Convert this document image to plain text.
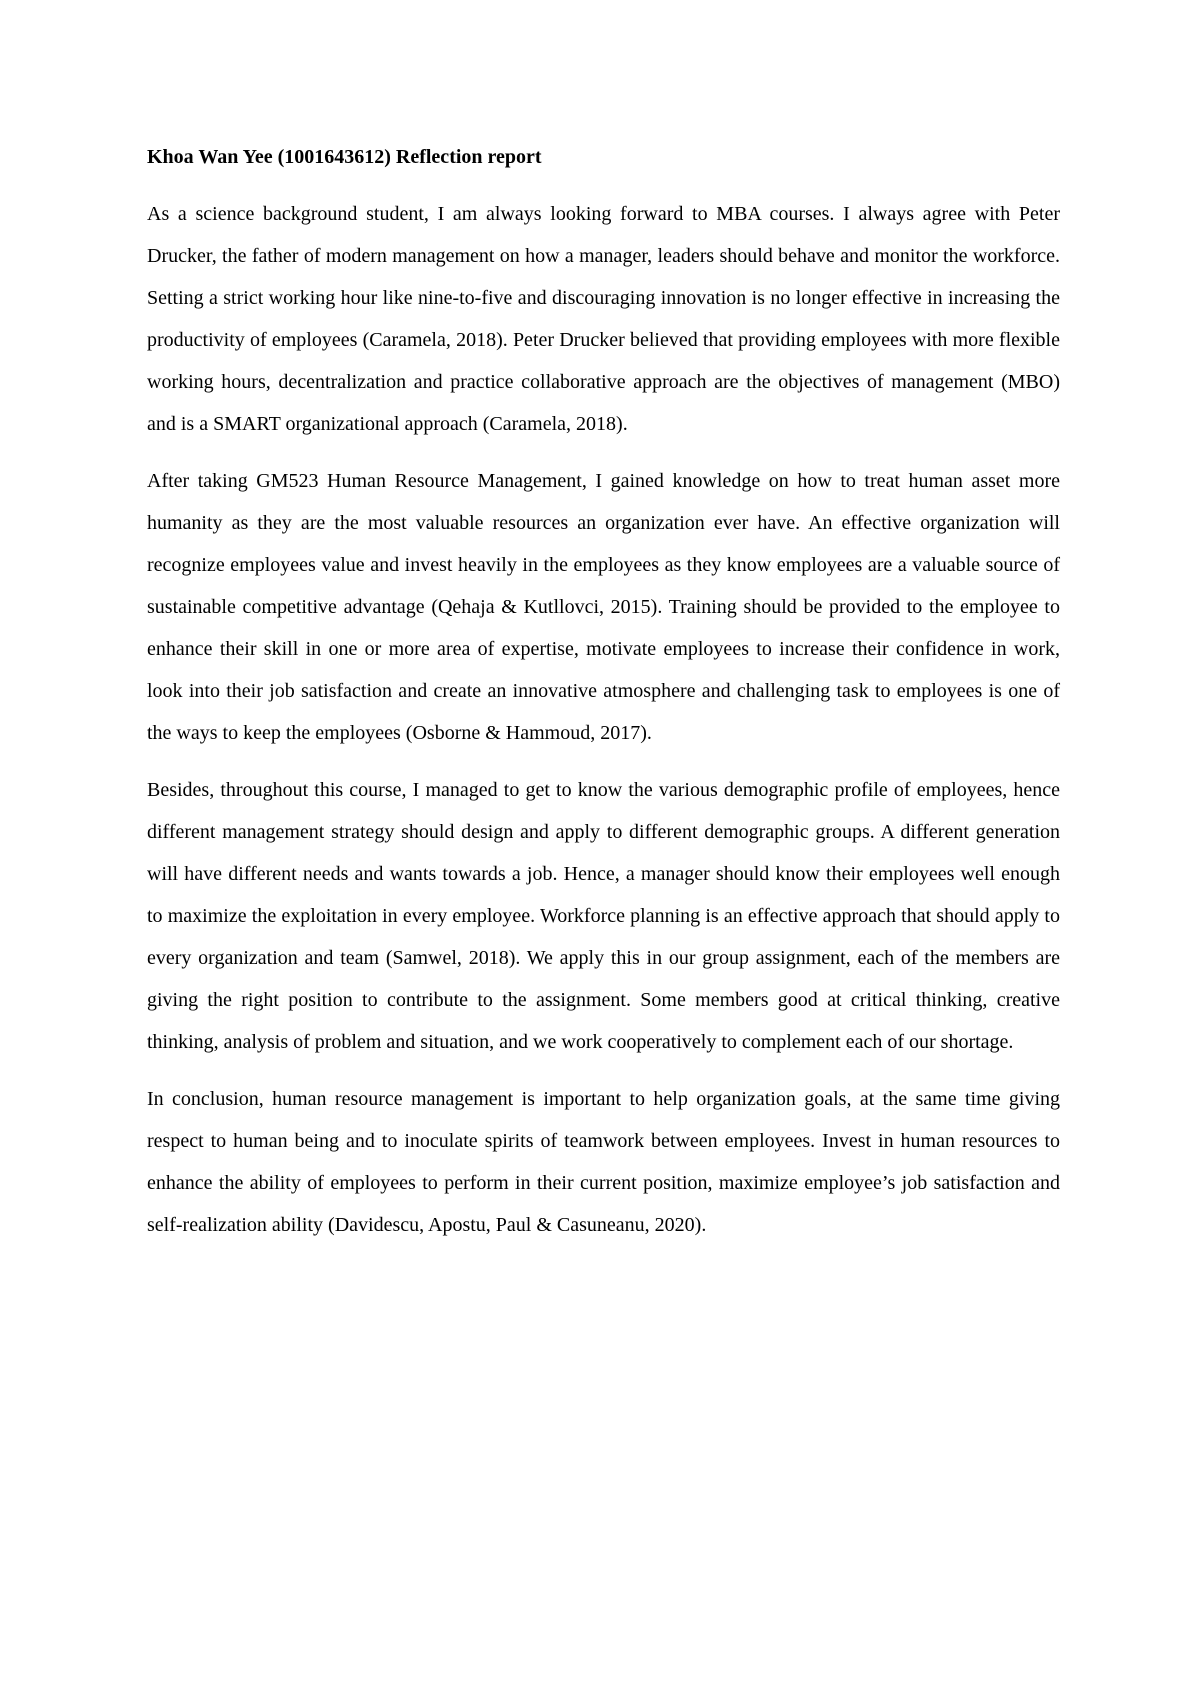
Khoa Wan Yee (1001643612) Reflection report

As a science background student, I am always looking forward to MBA courses. I always agree with Peter Drucker, the father of modern management on how a manager, leaders should behave and monitor the workforce. Setting a strict working hour like nine-to-five and discouraging innovation is no longer effective in increasing the productivity of employees (Caramela, 2018). Peter Drucker believed that providing employees with more flexible working hours, decentralization and practice collaborative approach are the objectives of management (MBO) and is a SMART organizational approach (Caramela, 2018).

After taking GM523 Human Resource Management, I gained knowledge on how to treat human asset more humanity as they are the most valuable resources an organization ever have. An effective organization will recognize employees value and invest heavily in the employees as they know employees are a valuable source of sustainable competitive advantage (Qehaja & Kutllovci, 2015). Training should be provided to the employee to enhance their skill in one or more area of expertise, motivate employees to increase their confidence in work, look into their job satisfaction and create an innovative atmosphere and challenging task to employees is one of the ways to keep the employees (Osborne & Hammoud, 2017).

Besides, throughout this course, I managed to get to know the various demographic profile of employees, hence different management strategy should design and apply to different demographic groups. A different generation will have different needs and wants towards a job. Hence, a manager should know their employees well enough to maximize the exploitation in every employee. Workforce planning is an effective approach that should apply to every organization and team (Samwel, 2018). We apply this in our group assignment, each of the members are giving the right position to contribute to the assignment. Some members good at critical thinking, creative thinking, analysis of problem and situation, and we work cooperatively to complement each of our shortage.

In conclusion, human resource management is important to help organization goals, at the same time giving respect to human being and to inoculate spirits of teamwork between employees. Invest in human resources to enhance the ability of employees to perform in their current position, maximize employee’s job satisfaction and self-realization ability (Davidescu, Apostu, Paul & Casuneanu, 2020).
